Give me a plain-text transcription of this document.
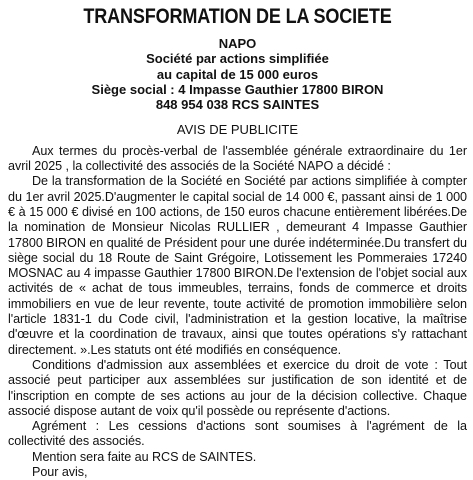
TRANSFORMATION DE LA SOCIETE
NAPO
Société par actions simplifiée
au capital de 15 000 euros
Siège social : 4 Impasse Gauthier 17800 BIRON
848 954 038 RCS SAINTES
AVIS DE PUBLICITE

Aux termes du procès-verbal de l'assemblée générale extraordinaire du 1er avril 2025 , la collectivité des associés de la Société NAPO a décidé :

De la transformation de la Société en Société par actions simplifiée à compter du 1er avril 2025.D'augmenter le capital social de 14 000 €, passant ainsi de 1 000 € à 15 000 € divisé en 100 actions, de 150 euros chacune entièrement libérées.De la nomination de Monsieur Nicolas RULLIER , demeurant 4 Impasse Gauthier 17800 BIRON en qualité de Président pour une durée indéterminée.Du transfert du siège social du 18 Route de Saint Grégoire, Lotissement les Pommeraies 17240 MOSNAC au 4 impasse Gauthier 17800 BIRON.De l'extension de l'objet social aux activités de « achat de tous immeubles, terrains, fonds de commerce et droits immobiliers en vue de leur revente, toute activité de promotion immobilière selon l'article 1831-1 du Code civil, l'administration et la gestion locative, la maîtrise d'œuvre et la coordination de travaux, ainsi que toutes opérations s'y rattachant directement. ».Les statuts ont été modifiés en conséquence.

Conditions d'admission aux assemblées et exercice du droit de vote : Tout associé peut participer aux assemblées sur justification de son identité et de l'inscription en compte de ses actions au jour de la décision collective. Chaque associé dispose autant de voix qu'il possède ou représente d'actions.

Agrément : Les cessions d'actions sont soumises à l'agrément de la collectivité des associés.

Mention sera faite au RCS de SAINTES.

Pour avis,
